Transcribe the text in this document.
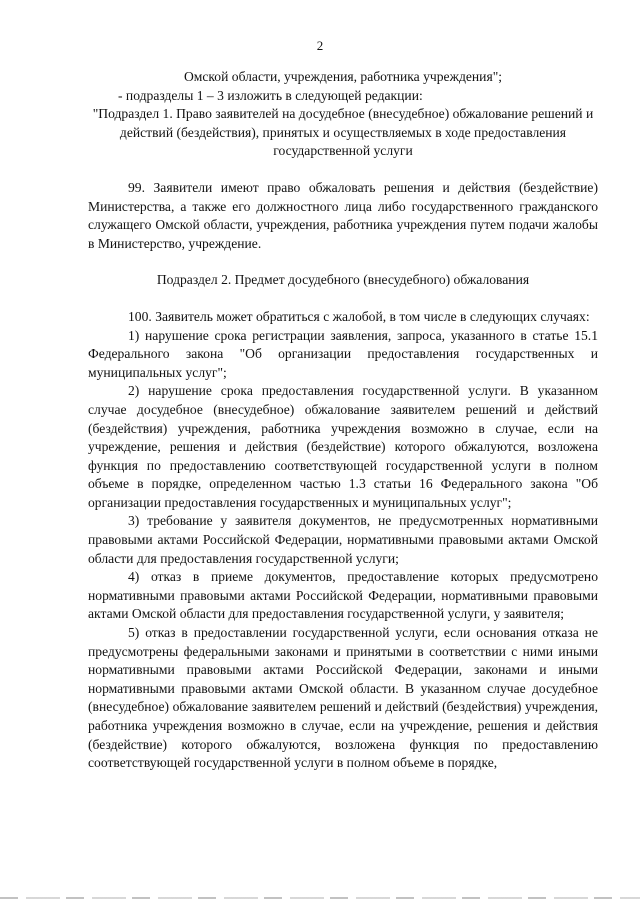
2

Омской области, учреждения, работника учреждения";

- подразделы 1 – 3 изложить в следующей редакции:

"Подраздел 1. Право заявителей на досудебное (внесудебное) обжалование решений и действий (бездействия), принятых и осуществляемых в ходе предоставления государственной услуги

99. Заявители имеют право обжаловать решения и действия (бездействие) Министерства, а также его должностного лица либо государственного гражданского служащего Омской области, учреждения, работника учреждения путем подачи жалобы в Министерство, учреждение.

Подраздел 2. Предмет досудебного (внесудебного) обжалования

100. Заявитель может обратиться с жалобой, в том числе в следующих случаях:

1) нарушение срока регистрации заявления, запроса, указанного в статье 15.1 Федерального закона "Об организации предоставления государственных и муниципальных услуг";

2) нарушение срока предоставления государственной услуги. В указанном случае досудебное (внесудебное) обжалование заявителем решений и действий (бездействия) учреждения, работника учреждения возможно в случае, если на учреждение, решения и действия (бездействие) которого обжалуются, возложена функция по предоставлению соответствующей государственной услуги в полном объеме в порядке, определенном частью 1.3 статьи 16 Федерального закона "Об организации предоставления государственных и муниципальных услуг";

3) требование у заявителя документов, не предусмотренных нормативными правовыми актами Российской Федерации, нормативными правовыми актами Омской области для предоставления государственной услуги;

4) отказ в приеме документов, предоставление которых предусмотрено нормативными правовыми актами Российской Федерации, нормативными правовыми актами Омской области для предоставления государственной услуги, у заявителя;

5) отказ в предоставлении государственной услуги, если основания отказа не предусмотрены федеральными законами и принятыми в соответствии с ними иными нормативными правовыми актами Российской Федерации, законами и иными нормативными правовыми актами Омской области. В указанном случае досудебное (внесудебное) обжалование заявителем решений и действий (бездействия) учреждения, работника учреждения возможно в случае, если на учреждение, решения и действия (бездействие) которого обжалуются, возложена функция по предоставлению соответствующей государственной услуги в полном объеме в порядке,
